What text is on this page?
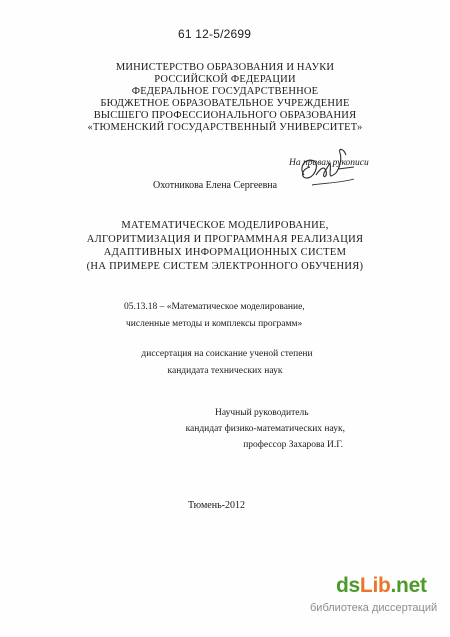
61 12-5/2699
МИНИСТЕРСТВО ОБРАЗОВАНИЯ И НАУКИ
РОССИЙСКОЙ ФЕДЕРАЦИИ
ФЕДЕРАЛЬНОЕ ГОСУДАРСТВЕННОЕ
БЮДЖЕТНОЕ ОБРАЗОВАТЕЛЬНОЕ УЧРЕЖДЕНИЕ
ВЫСШЕГО ПРОФЕССИОНАЛЬНОГО ОБРАЗОВАНИЯ
«ТЮМЕНСКИЙ ГОСУДАРСТВЕННЫЙ УНИВЕРСИТЕТ»
На правах рукописи
Охотникова Елена Сергеевна
МАТЕМАТИЧЕСКОЕ МОДЕЛИРОВАНИЕ,
АЛГОРИТМИЗАЦИЯ И ПРОГРАММНАЯ РЕАЛИЗАЦИЯ
АДАПТИВНЫХ ИНФОРМАЦИОННЫХ СИСТЕМ
(НА ПРИМЕРЕ СИСТЕМ ЭЛЕКТРОННОГО ОБУЧЕНИЯ)
05.13.18 – «Математическое моделирование,
численные методы и комплексы программ»
диссертация на соискание ученой степени
кандидата технических наук
Научный руководитель
кандидат физико-математических наук,
профессор Захарова И.Г.
Тюмень-2012
dsLib.net
библиотека диссертаций
